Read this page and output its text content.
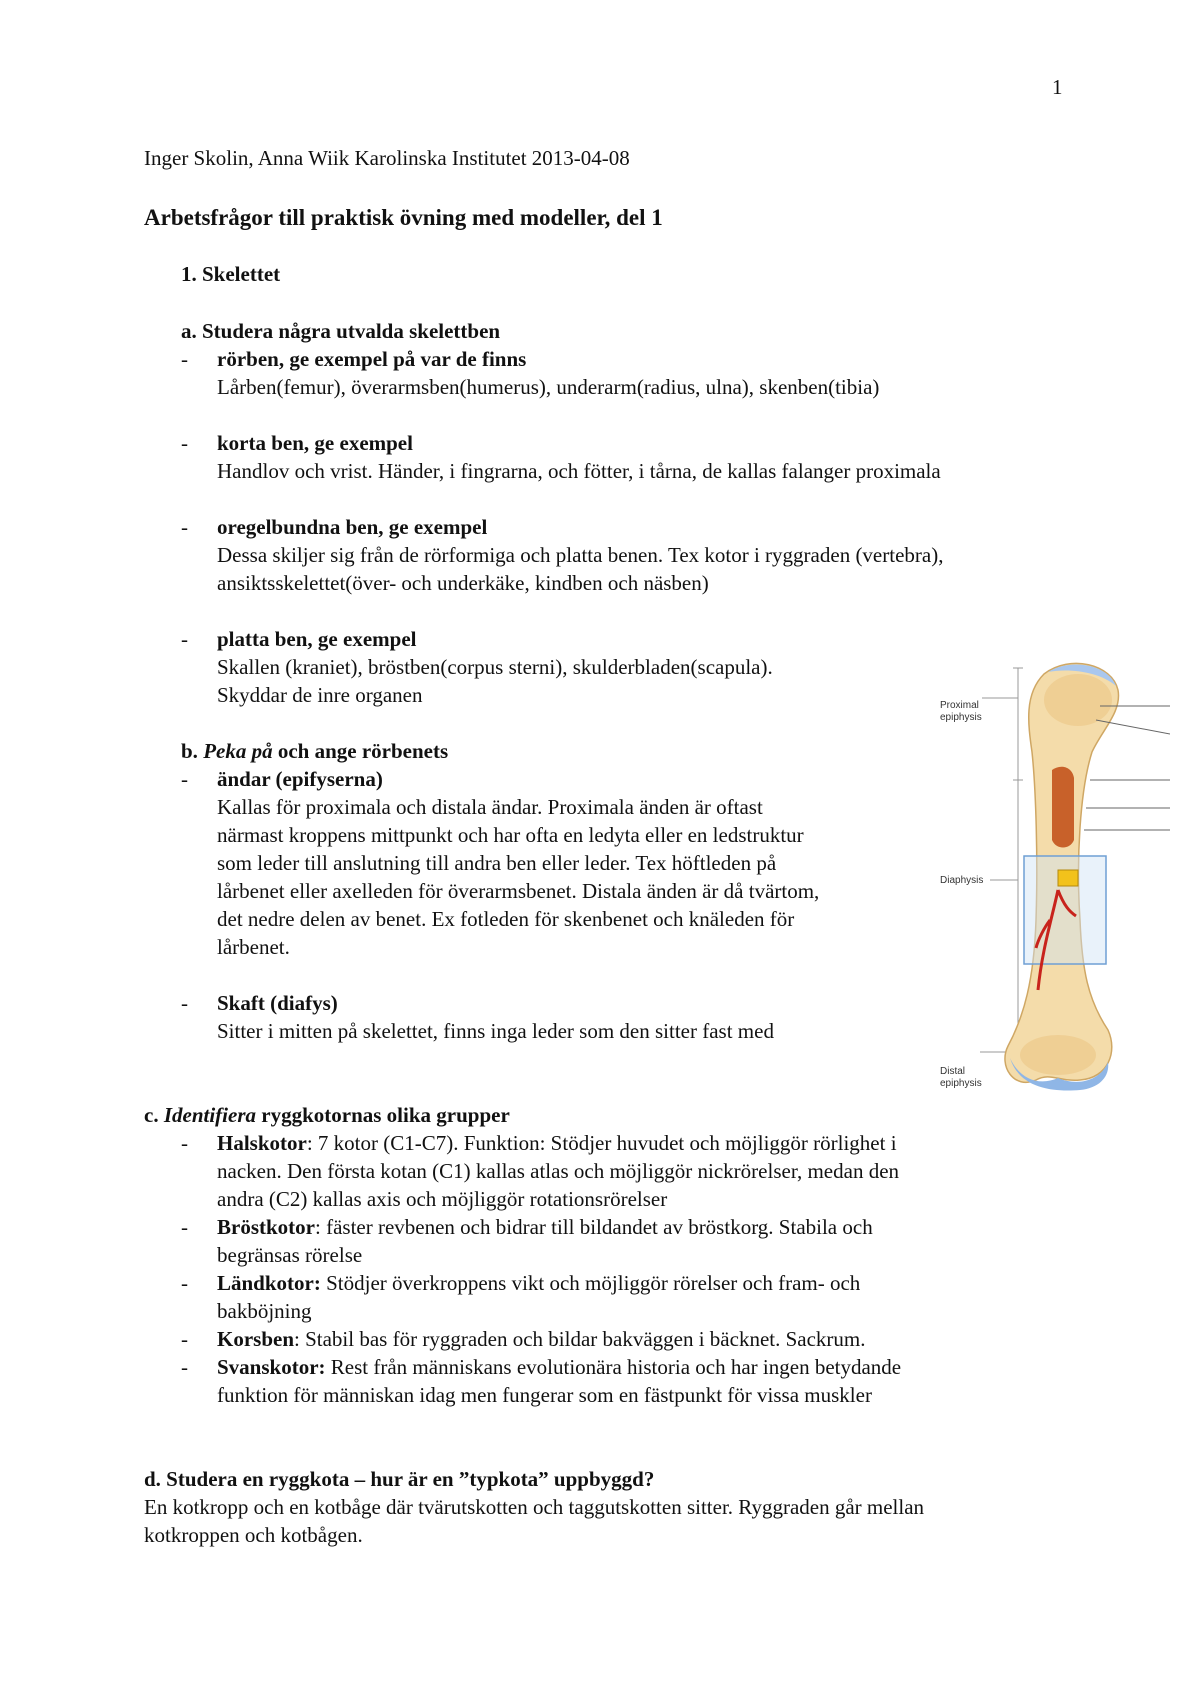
1
Inger Skolin, Anna Wiik Karolinska Institutet 2013-04-08
Arbetsfrågor till praktisk övning med modeller, del 1
1. Skelettet
a. Studera några utvalda skelettben
- rörben, ge exempel på var de finns
Lårben(femur), överarmsben(humerus), underarm(radius, ulna), skenben(tibia)
- korta ben, ge exempel
Handlov och vrist. Händer, i fingrarna, och fötter, i tårna, de kallas falanger proximala
- oregelbundna ben, ge exempel
Dessa skiljer sig från de rörformiga och platta benen. Tex kotor i ryggraden (vertebra),
ansiktsskelettet(över- och underkäke, kindben och näsben)
- platta ben, ge exempel
Skallen (kraniet), bröstben(corpus sterni), skulderbladen(scapula).
Skyddar de inre organen
b. Peka på och ange rörbenets
- ändar (epifyserna)
Kallas för proximala och distala ändar. Proximala änden är oftast
närmast kroppens mittpunkt och har ofta en ledyta eller en ledstruktur
som leder till anslutning till andra ben eller leder. Tex höftleden på
lårbenet eller axelleden för överarmsbenet. Distala änden är då tvärtom,
det nedre delen av benet. Ex fotleden för skenbenet och knäleden för
lårbenet.
- Skaft (diafys)
Sitter i mitten på skelettet, finns inga leder som den sitter fast med
Proximal
epiphysis
Diaphysis
Distal
epiphysis
c. Identifiera ryggkotornas olika grupper
- Halskotor: 7 kotor (C1-C7). Funktion: Stödjer huvudet och möjliggör rörlighet i
nacken. Den första kotan (C1) kallas atlas och möjliggör nickrörelser, medan den
andra (C2) kallas axis och möjliggör rotationsrörelser
- Bröstkotor: fäster revbenen och bidrar till bildandet av bröstkorg. Stabila och
begränsas rörelse
- Ländkotor: Stödjer överkroppens vikt och möjliggör rörelser och fram- och
bakböjning
- Korsben: Stabil bas för ryggraden och bildar bakväggen i bäcknet. Sackrum.
- Svanskotor: Rest från människans evolutionära historia och har ingen betydande
funktion för människan idag men fungerar som en fästpunkt för vissa muskler
d. Studera en ryggkota – hur är en ”typkota” uppbyggd?
En kotkropp och en kotbåge där tvärutskotten och taggutskotten sitter. Ryggraden går mellan
kotkroppen och kotbågen.
